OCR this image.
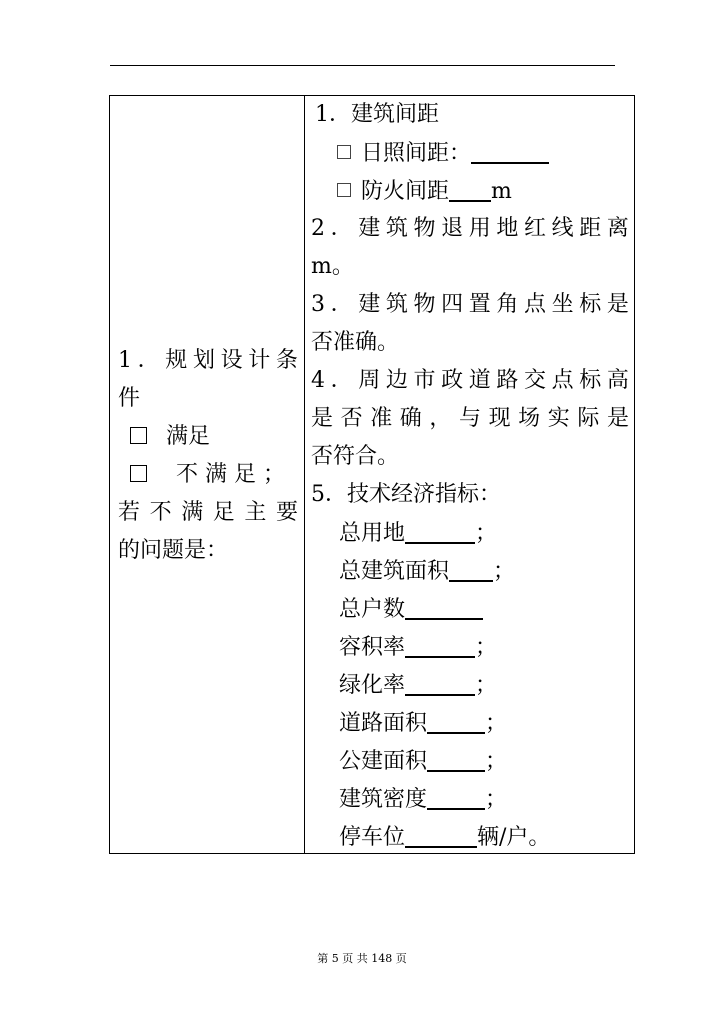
1 ． 规 划 设 计 条
件
满足
不满足；
若 不 满 足 主 要
的问题是：
1．建筑间距
日照间距：
防火间距 m
2 ． 建 筑 物 退 用 地 红 线 距 离
m。
3 ． 建 筑 物 四 置 角 点 坐 标 是
否准确。
4 ． 周 边 市 政 道 路 交 点 标 高
是 否 准 确 ， 与 现 场 实 际 是
否符合。
5．技术经济指标：
总用地	；
总建筑面积 ；
总户数
容积率	；
绿化率	；
道路面积	；
公建面积	；
建筑密度	；
停车位	辆/户。
第 5 页 共 148 页
